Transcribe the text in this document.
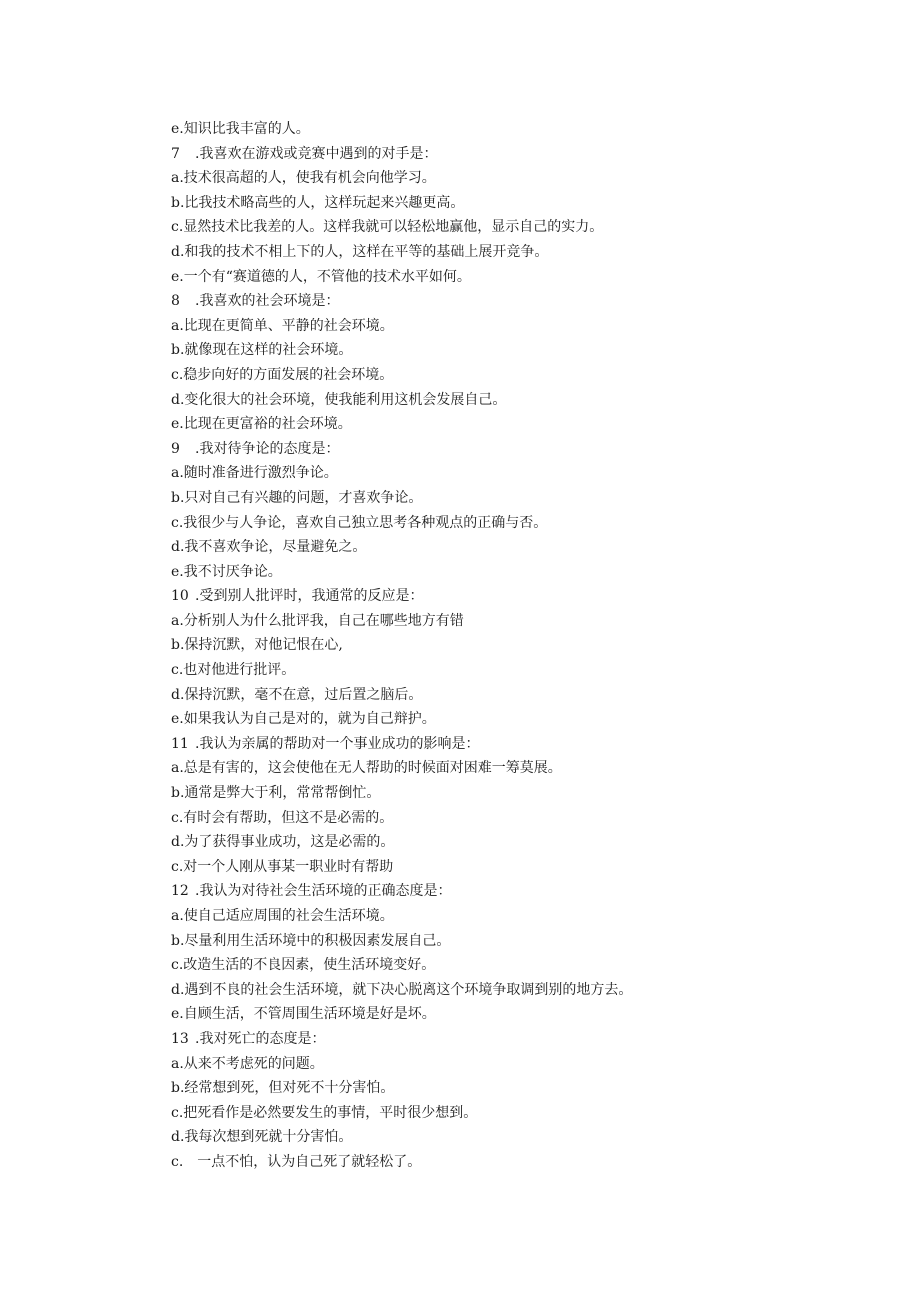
e.知识比我丰富的人。
7 .我喜欢在游戏或竞赛中遇到的对手是：
a.技术很高超的人，使我有机会向他学习。
b.比我技术略高些的人，这样玩起来兴趣更高。
c.显然技术比我差的人。这样我就可以轻松地赢他，显示自己的实力。
d.和我的技术不相上下的人，这样在平等的基础上展开竞争。
e.一个有“赛道德的人，不管他的技术水平如何。
8 .我喜欢的社会环境是：
a.比现在更简单、平静的社会环境。
b.就像现在这样的社会环境。
c.稳步向好的方面发展的社会环境。
d.变化很大的社会环境，使我能利用这机会发展自己。
e.比现在更富裕的社会环境。
9 .我对待争论的态度是：
a.随时准备进行激烈争论。
b.只对自己有兴趣的问题，才喜欢争论。
c.我很少与人争论，喜欢自己独立思考各种观点的正确与否。
d.我不喜欢争论，尽量避免之。
e.我不讨厌争论。
10 .受到别人批评时，我通常的反应是：
a.分析别人为什么批评我，自己在哪些地方有错
b.保持沉默，对他记恨在心,
c.也对他进行批评。
d.保持沉默，毫不在意，过后置之脑后。
e.如果我认为自己是对的，就为自己辩护。
11 .我认为亲属的帮助对一个事业成功的影响是：
a.总是有害的，这会使他在无人帮助的时候面对困难一筹莫展。
b.通常是弊大于利，常常帮倒忙。
c.有时会有帮助，但这不是必需的。
d.为了获得事业成功，这是必需的。
c.对一个人刚从事某一职业时有帮助
12 .我认为对待社会生活环境的正确态度是：
a.使自己适应周围的社会生活环境。
b.尽量利用生活环境中的积极因素发展自己。
c.改造生活的不良因素，使生活环境变好。
d.遇到不良的社会生活环境，就下决心脱离这个环境争取调到别的地方去。
e.自顾生活，不管周围生活环境是好是坏。
13 .我对死亡的态度是：
a.从来不考虑死的问题。
b.经常想到死，但对死不十分害怕。
c.把死看作是必然要发生的事情，平时很少想到。
d.我每次想到死就十分害怕。
c.　一点不怕，认为自己死了就轻松了。
